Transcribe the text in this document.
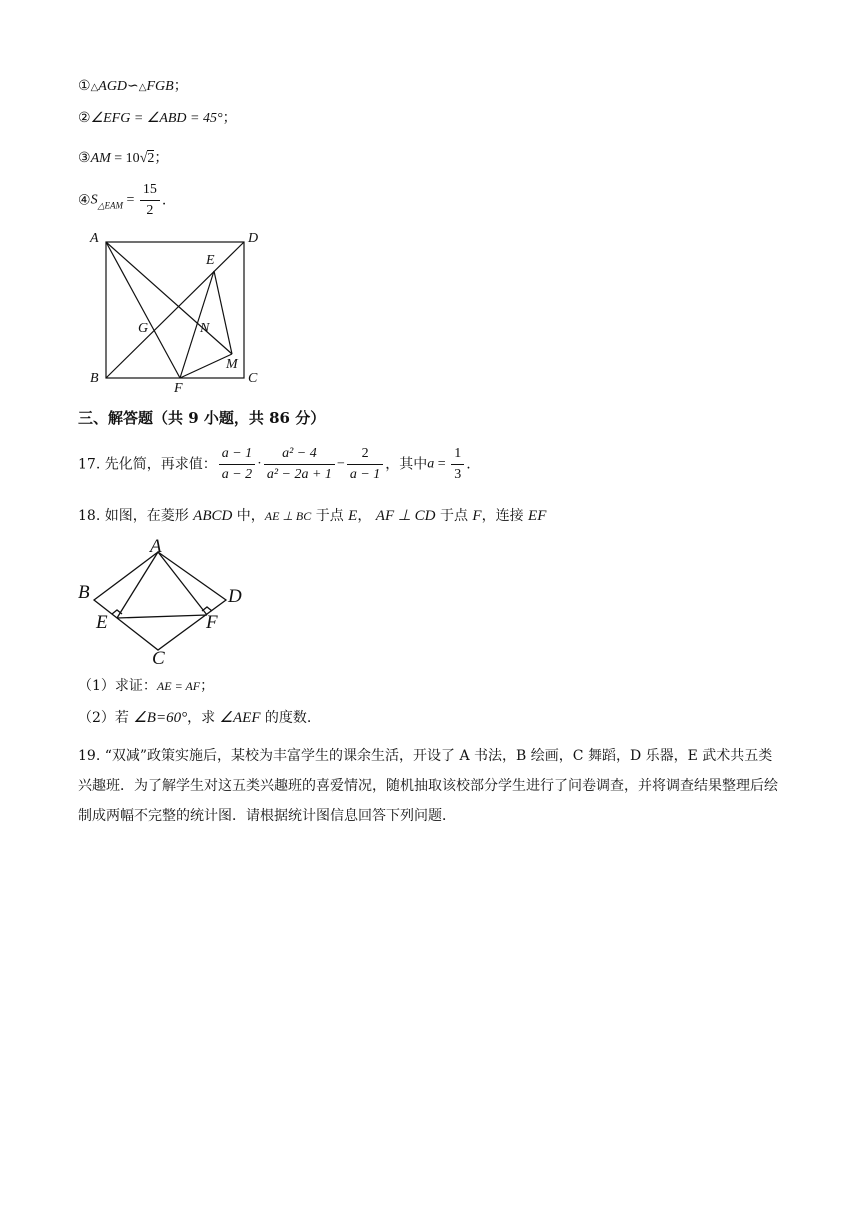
①△AGD∽△FGB；
②∠EFG = ∠ABD = 45°；
③AM = 10√2；
$④S_{\triangle EAM} = \frac{15}{2}$ .
A	D
E
G	N
M
B
F
C
三、解答题（共 9 小题，共 86 分）
17. 先化简，再求值： $\frac{a - 1}{a - 2} \cdot \frac{\text{a² − 4}}{\text{a² − 2a + 1}} - \frac{2}{a - 1}$ ，其中$a = \frac{1}{3}$ .
18. 如图，在菱形 ABCD 中，AE ⊥ BC 于点 E， AF ⊥ CD 于点 F，连接 EF
A
B	D
E	F
C
（1）求证：AE = AF；
（2）若 ∠B=60°，求 ∠AEF 的度数.
19. “双减”政策实施后，某校为丰富学生的课余生活，开设了 A 书法，B 绘画，C 舞蹈，D 乐器，E 武术共五类兴趣班．为了解学生对这五类兴趣班的喜爱情况，随机抽取该校部分学生进行了问卷调查，并将调查结果整理后绘制成两幅不完整的统计图．请根据统计图信息回答下列问题．
